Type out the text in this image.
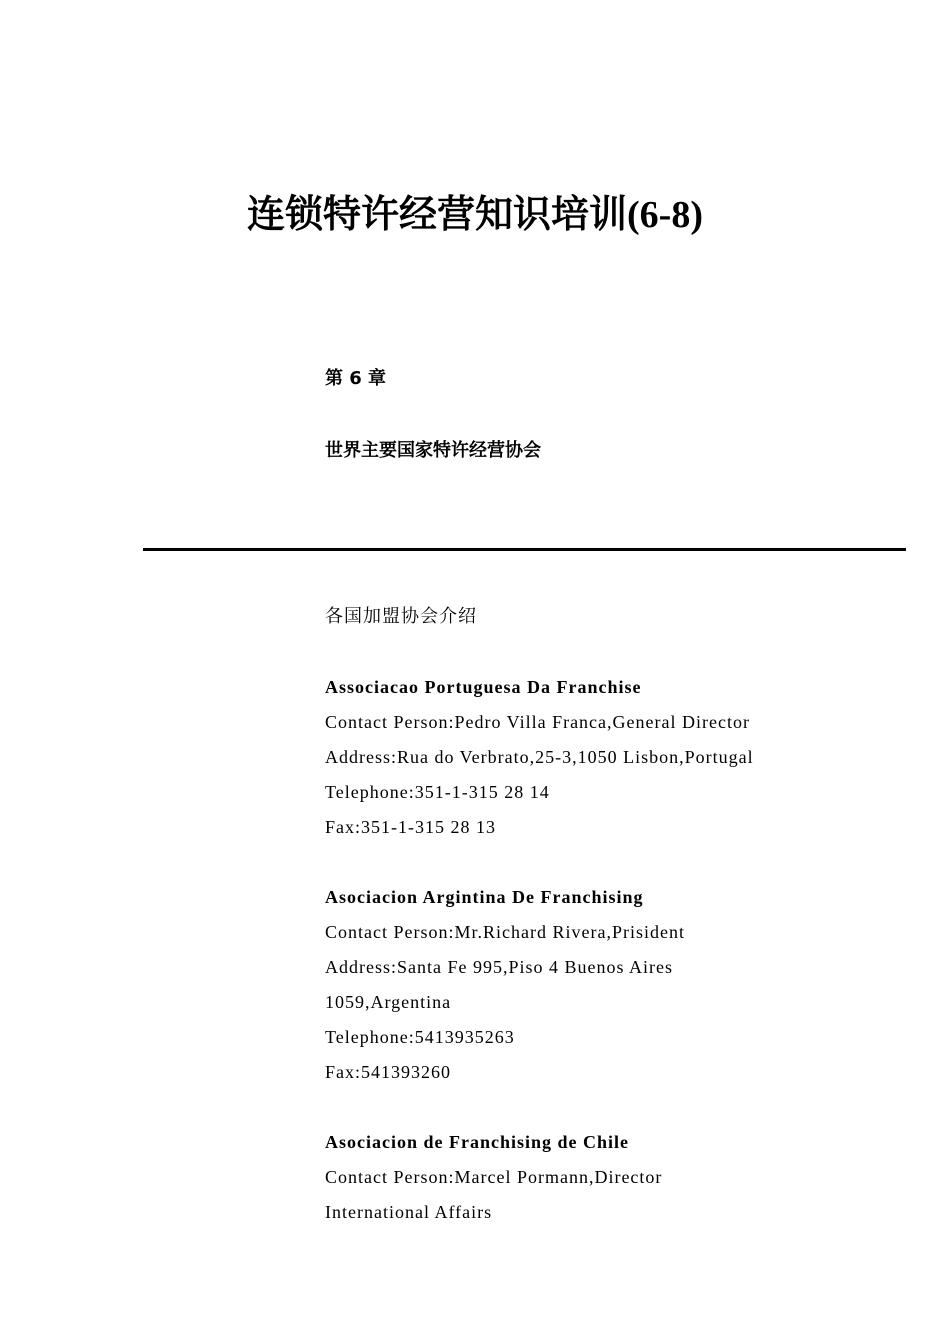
连锁特许经营知识培训(6-8)
第 6 章
世界主要国家特许经营协会
各国加盟协会介绍
Associacao Portuguesa Da Franchise
Contact Person:Pedro Villa Franca,General Director
Address:Rua do Verbrato,25-3,1050 Lisbon,Portugal
Telephone:351-1-315 28 14
Fax:351-1-315 28 13
Asociacion Argintina De Franchising
Contact Person:Mr.Richard Rivera,Prisident
Address:Santa Fe 995,Piso 4 Buenos Aires
1059,Argentina
Telephone:5413935263
Fax:541393260
Asociacion de Franchising de Chile
Contact Person:Marcel Pormann,Director
International Affairs
